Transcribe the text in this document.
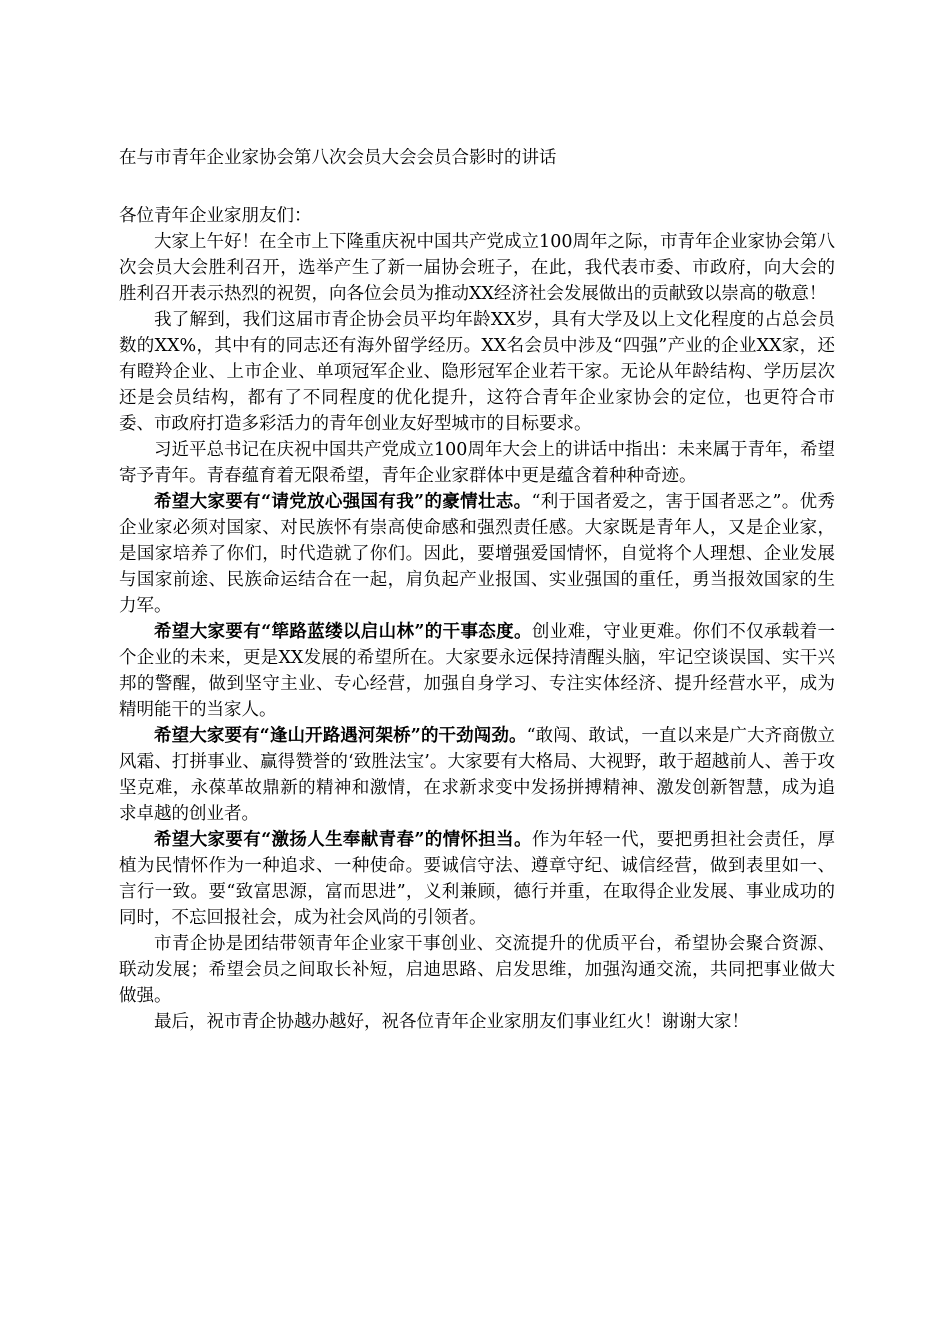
在与市青年企业家协会第八次会员大会会员合影时的讲话
各位青年企业家朋友们：

大家上午好！在全市上下隆重庆祝中国共产党成立100周年之际，市青年企业家协会第八次会员大会胜利召开，选举产生了新一届协会班子，在此，我代表市委、市政府，向大会的胜利召开表示热烈的祝贺，向各位会员为推动XX经济社会发展做出的贡献致以崇高的敬意！

我了解到，我们这届市青企协会员平均年龄XX岁，具有大学及以上文化程度的占总会员数的XX%，其中有的同志还有海外留学经历。XX名会员中涉及“四强”产业的企业XX家，还有瞪羚企业、上市企业、单项冠军企业、隐形冠军企业若干家。无论从年龄结构、学历层次还是会员结构，都有了不同程度的优化提升，这符合青年企业家协会的定位，也更符合市委、市政府打造多彩活力的青年创业友好型城市的目标要求。

习近平总书记在庆祝中国共产党成立100周年大会上的讲话中指出：未来属于青年，希望寄予青年。青春蕴育着无限希望，青年企业家群体中更是蕴含着种种奇迹。

希望大家要有“请党放心强国有我”的豪情壮志。“利于国者爱之，害于国者恶之”。优秀企业家必须对国家、对民族怀有崇高使命感和强烈责任感。大家既是青年人，又是企业家，是国家培养了你们，时代造就了你们。因此，要增强爱国情怀，自觉将个人理想、企业发展与国家前途、民族命运结合在一起，肩负起产业报国、实业强国的重任，勇当报效国家的生力军。

希望大家要有“筚路蓝缕以启山林”的干事态度。创业难，守业更难。你们不仅承载着一个企业的未来，更是XX发展的希望所在。大家要永远保持清醒头脑，牢记空谈误国、实干兴邦的警醒，做到坚守主业、专心经营，加强自身学习、专注实体经济、提升经营水平，成为精明能干的当家人。

希望大家要有“逢山开路遇河架桥”的干劲闯劲。“敢闯、敢试，一直以来是广大齐商傲立风霜、打拼事业、赢得赞誉的‘致胜法宝’。大家要有大格局、大视野，敢于超越前人、善于攻坚克难，永葆革故鼎新的精神和激情，在求新求变中发扬拼搏精神、激发创新智慧，成为追求卓越的创业者。

希望大家要有“激扬人生奉献青春”的情怀担当。作为年轻一代，要把勇担社会责任，厚植为民情怀作为一种追求、一种使命。要诚信守法、遵章守纪、诚信经营，做到表里如一、言行一致。要“致富思源，富而思进”，义利兼顾，德行并重，在取得企业发展、事业成功的同时，不忘回报社会，成为社会风尚的引领者。

市青企协是团结带领青年企业家干事创业、交流提升的优质平台，希望协会聚合资源、联动发展；希望会员之间取长补短，启迪思路、启发思维，加强沟通交流，共同把事业做大做强。

最后，祝市青企协越办越好，祝各位青年企业家朋友们事业红火！谢谢大家！
